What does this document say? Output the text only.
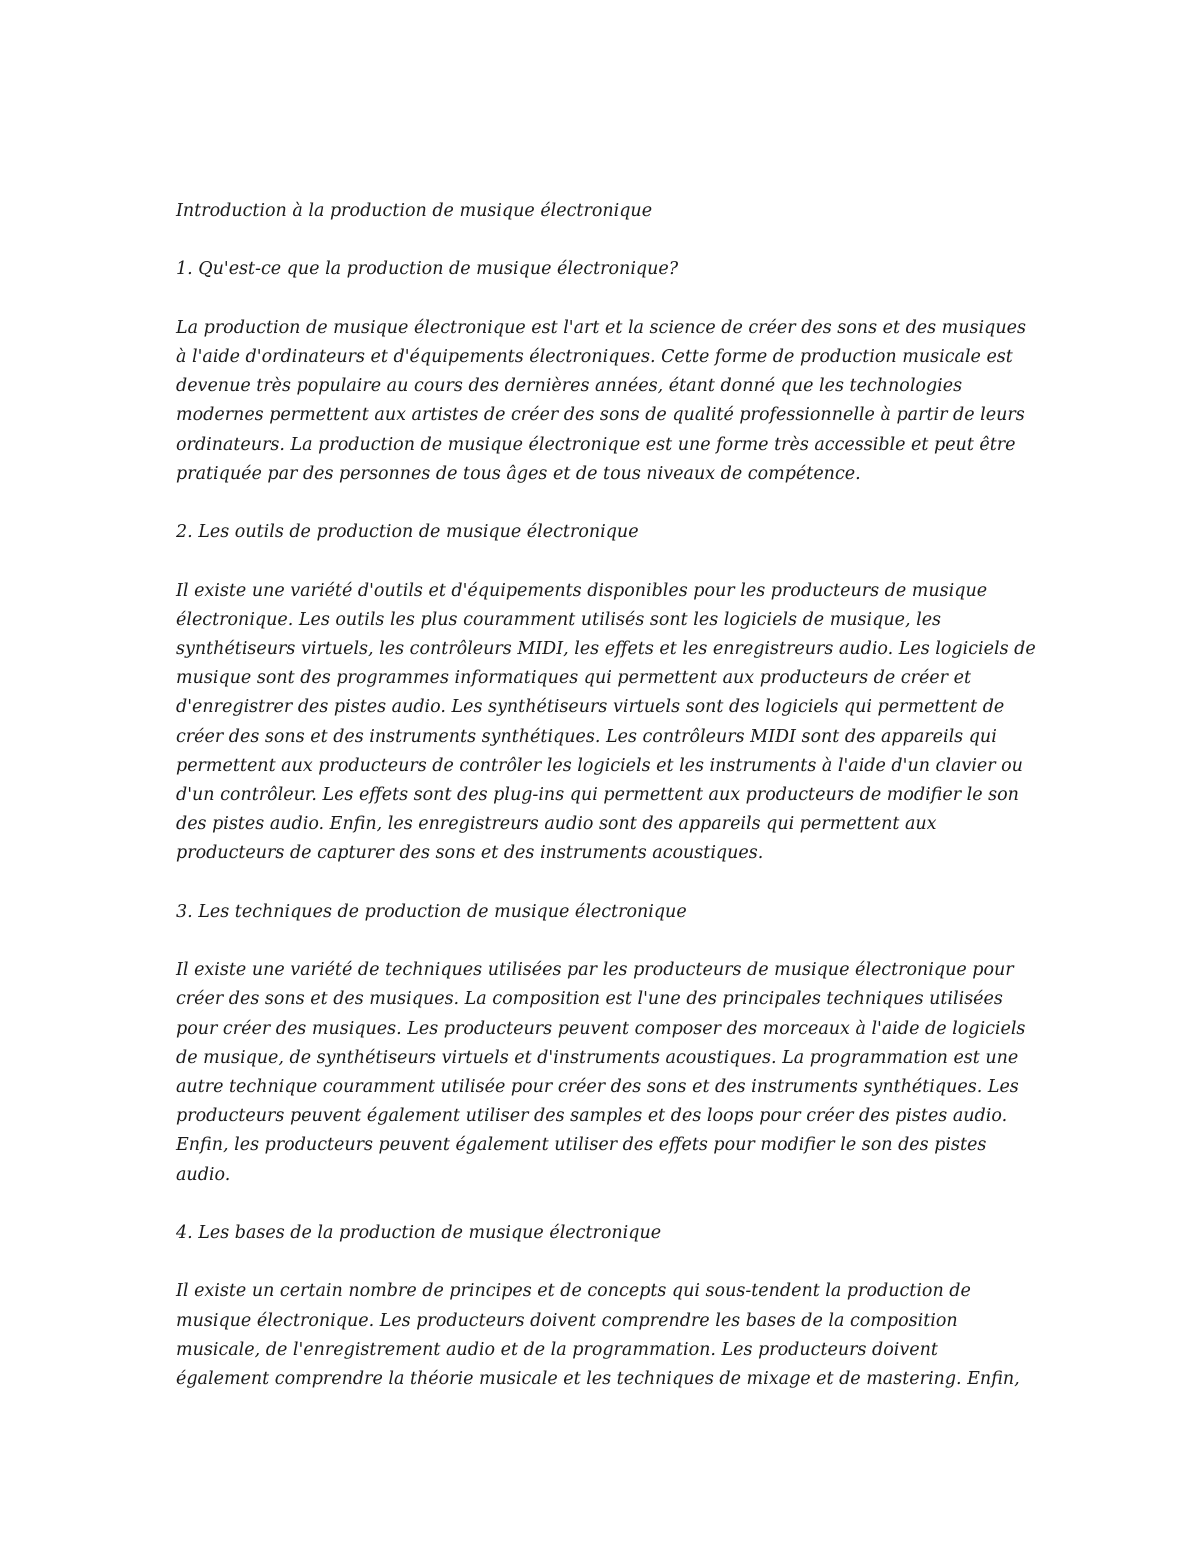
Introduction à la production de musique électronique
1. Qu'est-ce que la production de musique électronique?
La production de musique électronique est l'art et la science de créer des sons et des musiques
à l'aide d'ordinateurs et d'équipements électroniques. Cette forme de production musicale est
devenue très populaire au cours des dernières années, étant donné que les technologies
modernes permettent aux artistes de créer des sons de qualité professionnelle à partir de leurs
ordinateurs. La production de musique électronique est une forme très accessible et peut être
pratiquée par des personnes de tous âges et de tous niveaux de compétence.
2. Les outils de production de musique électronique
Il existe une variété d'outils et d'équipements disponibles pour les producteurs de musique
électronique. Les outils les plus couramment utilisés sont les logiciels de musique, les
synthétiseurs virtuels, les contrôleurs MIDI, les effets et les enregistreurs audio. Les logiciels de
musique sont des programmes informatiques qui permettent aux producteurs de créer et
d'enregistrer des pistes audio. Les synthétiseurs virtuels sont des logiciels qui permettent de
créer des sons et des instruments synthétiques. Les contrôleurs MIDI sont des appareils qui
permettent aux producteurs de contrôler les logiciels et les instruments à l'aide d'un clavier ou
d'un contrôleur. Les effets sont des plug-ins qui permettent aux producteurs de modifier le son
des pistes audio. Enfin, les enregistreurs audio sont des appareils qui permettent aux
producteurs de capturer des sons et des instruments acoustiques.
3. Les techniques de production de musique électronique
Il existe une variété de techniques utilisées par les producteurs de musique électronique pour
créer des sons et des musiques. La composition est l'une des principales techniques utilisées
pour créer des musiques. Les producteurs peuvent composer des morceaux à l'aide de logiciels
de musique, de synthétiseurs virtuels et d'instruments acoustiques. La programmation est une
autre technique couramment utilisée pour créer des sons et des instruments synthétiques. Les
producteurs peuvent également utiliser des samples et des loops pour créer des pistes audio.
Enfin, les producteurs peuvent également utiliser des effets pour modifier le son des pistes
audio.
4. Les bases de la production de musique électronique
Il existe un certain nombre de principes et de concepts qui sous-tendent la production de
musique électronique. Les producteurs doivent comprendre les bases de la composition
musicale, de l'enregistrement audio et de la programmation. Les producteurs doivent
également comprendre la théorie musicale et les techniques de mixage et de mastering. Enfin,
